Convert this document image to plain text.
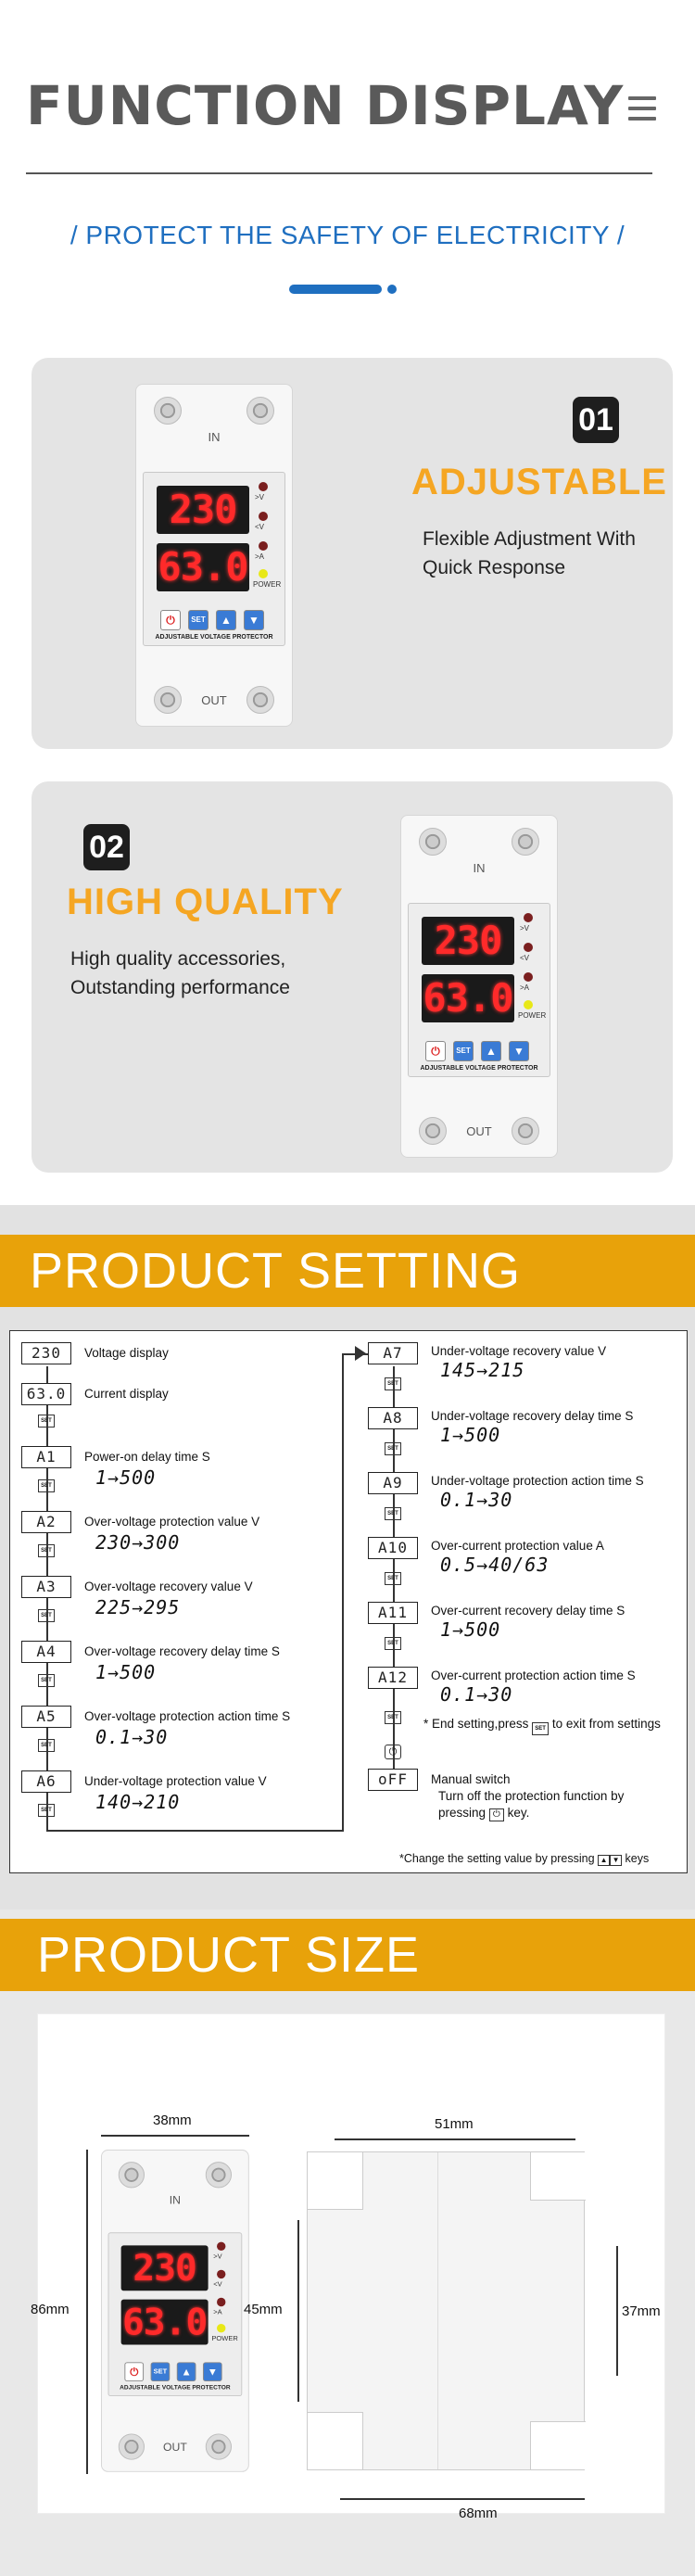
FUNCTION DISPLAY
/ PROTECT THE SAFETY OF ELECTRICITY /
IN
230
63.0
>V
<V
>A
POWER
⏻	SET	▲	▼
ADJUSTABLE VOLTAGE PROTECTOR
OUT
01
ADJUSTABLE
Flexible Adjustment With
Quick Response
02
HIGH QUALITY
High quality accessories,
Outstanding performance
IN
230
63.0
>V
<V
>A
POWER
⏻	SET	▲	▼
ADJUSTABLE VOLTAGE PROTECTOR
OUT
PRODUCT SETTING
230	Voltage display
63.0	Current display
SET
A1	Power-on delay time S
1→500
SET
A2	Over-voltage protection value V
230→300
SET
A3	Over-voltage recovery value V
225→295
SET
A4	Over-voltage recovery delay time S
1→500
SET
A5	Over-voltage protection action time S
0.1→30
SET
A6	Under-voltage protection value V
140→210
SET
A7	Under-voltage recovery value V
145→215
SET
A8	Under-voltage recovery delay time S
1→500
SET
A9	Under-voltage protection action time S
0.1→30
SET
A10	Over-current protection value A
0.5→40/63
SET
A11	Over-current recovery delay time S
1→500
SET
A12	Over-current protection action time S
0.1→30
SET * End setting,press SET to exit from settings
⏻
oFF	Manual switch
Turn off the protection function by
pressing ⏻ key.
*Change the setting value by pressing ▲ ▼ keys
PRODUCT SIZE
IN
230
63.0
>V
<V
>A
POWER
⏻	SET	▲	▼
ADJUSTABLE VOLTAGE PROTECTOR
OUT
38mm
86mm
51mm
45mm	37mm
68mm
